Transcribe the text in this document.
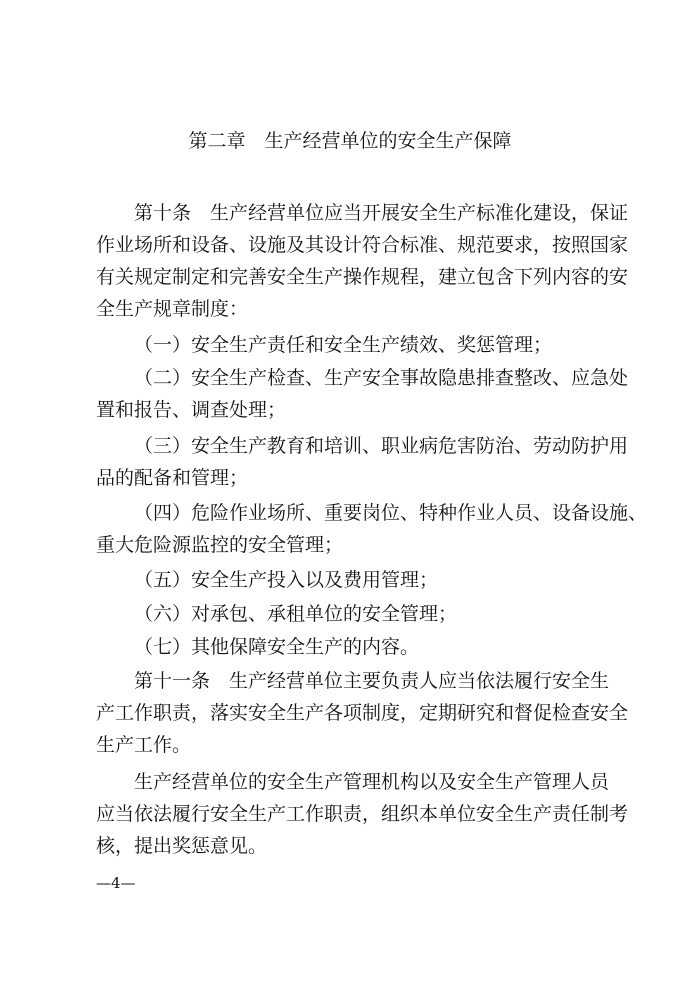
第二章　生产经营单位的安全生产保障
第十条　生产经营单位应当开展安全生产标准化建设，保证
作业场所和设备、设施及其设计符合标准、规范要求，按照国家
有关规定制定和完善安全生产操作规程，建立包含下列内容的安
全生产规章制度：
（一）安全生产责任和安全生产绩效、奖惩管理；
（二）安全生产检查、生产安全事故隐患排查整改、应急处
置和报告、调查处理；
（三）安全生产教育和培训、职业病危害防治、劳动防护用
品的配备和管理；
（四）危险作业场所、重要岗位、特种作业人员、设备设施、
重大危险源监控的安全管理；
（五）安全生产投入以及费用管理；
（六）对承包、承租单位的安全管理；
（七）其他保障安全生产的内容。
第十一条　生产经营单位主要负责人应当依法履行安全生
产工作职责，落实安全生产各项制度，定期研究和督促检查安全
生产工作。
生产经营单位的安全生产管理机构以及安全生产管理人员
应当依法履行安全生产工作职责，组织本单位安全生产责任制考
核，提出奖惩意见。
—4—
